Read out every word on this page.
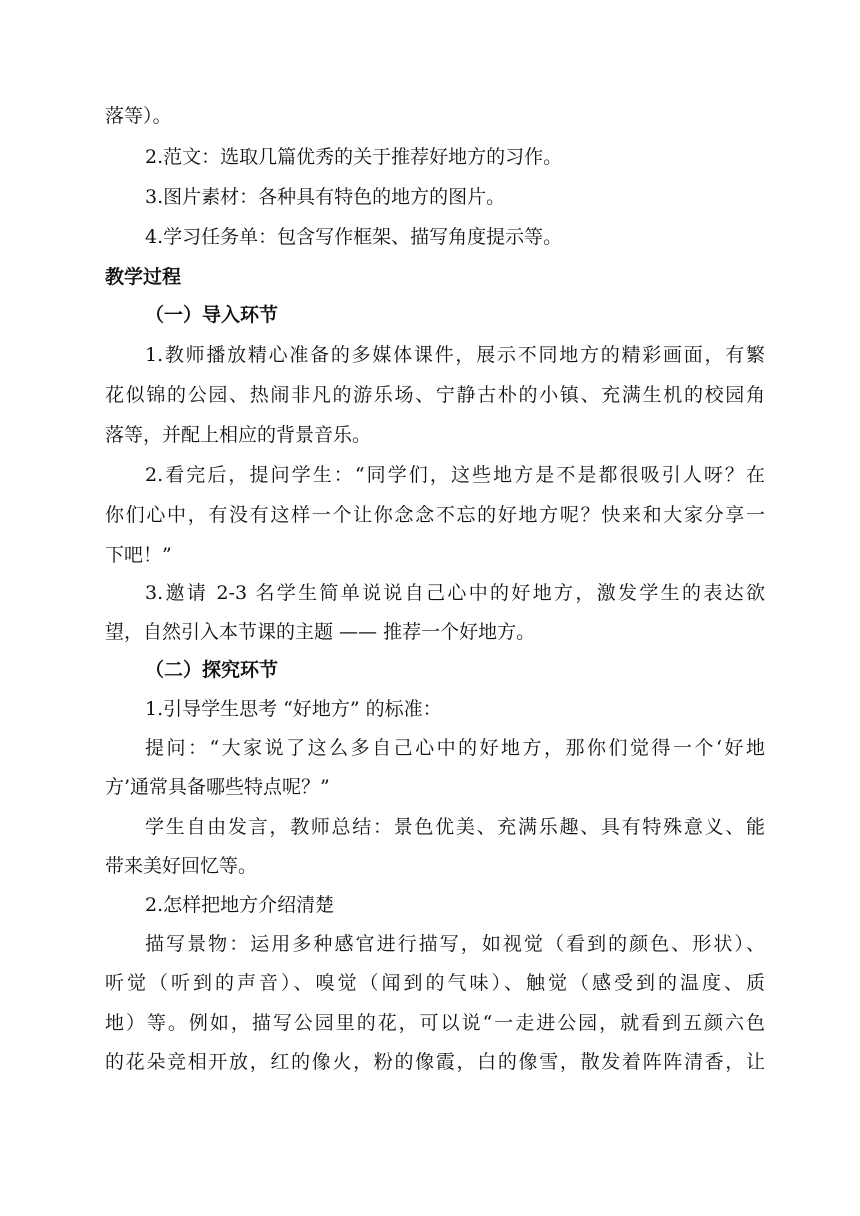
落等）。
2.范文：选取几篇优秀的关于推荐好地方的习作。
3.图片素材：各种具有特色的地方的图片。
4.学习任务单：包含写作框架、描写角度提示等。
教学过程
（一）导入环节
1.教师播放精心准备的多媒体课件，展示不同地方的精彩画面，有繁
花似锦的公园、热闹非凡的游乐场、宁静古朴的小镇、充满生机的校园角
落等，并配上相应的背景音乐。
2.看完后，提问学生：“同学们，这些地方是不是都很吸引人呀？在
你们心中，有没有这样一个让你念念不忘的好地方呢？快来和大家分享一
下吧！”
3.邀请 2-3 名学生简单说说自己心中的好地方，激发学生的表达欲
望，自然引入本节课的主题 —— 推荐一个好地方。
（二）探究环节
1.引导学生思考 “好地方” 的标准：
提问：“大家说了这么多自己心中的好地方，那你们觉得一个‘好地
方’通常具备哪些特点呢？”
学生自由发言，教师总结：景色优美、充满乐趣、具有特殊意义、能
带来美好回忆等。
2.怎样把地方介绍清楚
描写景物：运用多种感官进行描写，如视觉（看到的颜色、形状）、
听觉（听到的声音）、嗅觉（闻到的气味）、触觉（感受到的温度、质
地）等。例如，描写公园里的花，可以说“一走进公园，就看到五颜六色
的花朵竞相开放，红的像火，粉的像霞，白的像雪，散发着阵阵清香，让
